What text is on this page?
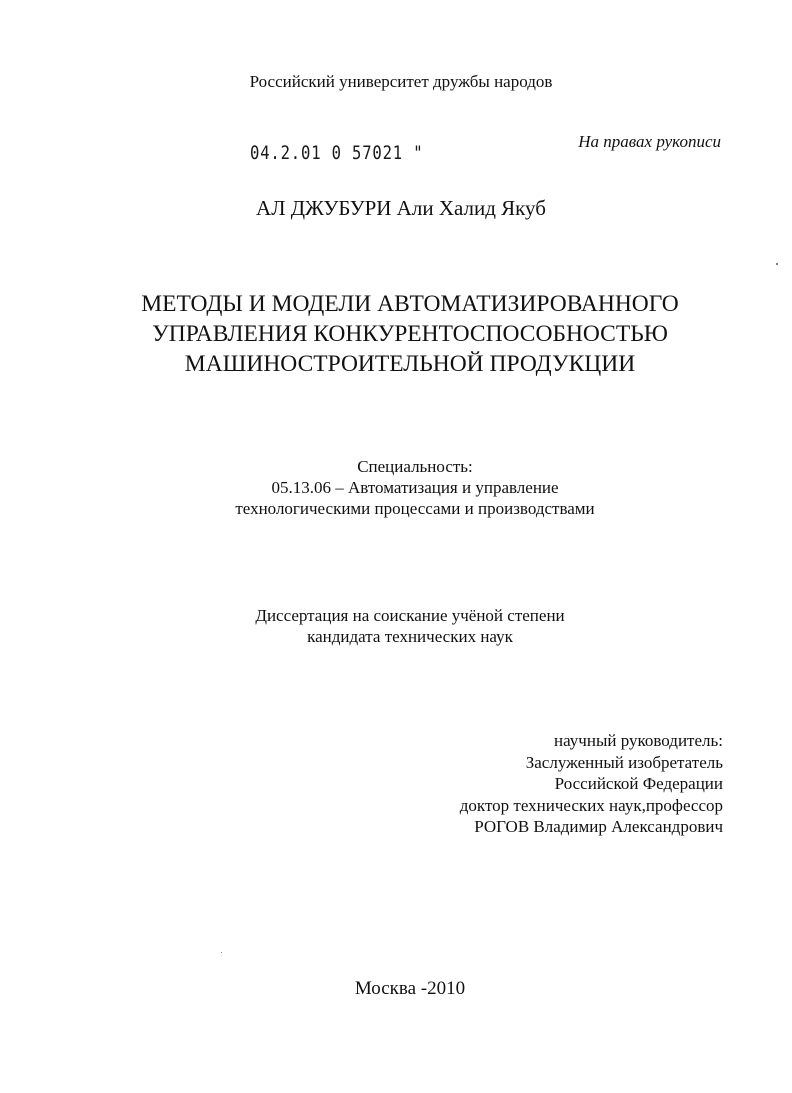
Российский университет дружбы народов
04.2.01 0 57021 "
На правах рукописи
АЛ ДЖУБУРИ Али Халид Якуб
МЕТОДЫ И МОДЕЛИ АВТОМАТИЗИРОВАННОГО
УПРАВЛЕНИЯ КОНКУРЕНТОСПОСОБНОСТЬЮ
МАШИНОСТРОИТЕЛЬНОЙ ПРОДУКЦИИ
Специальность:
05.13.06 – Автоматизация и управление
технологическими процессами и производствами
Диссертация на соискание учёной степени
кандидата технических наук
научный руководитель:
Заслуженный изобретатель
Российской Федерации
доктор технических наук,профессор
РОГОВ Владимир Александрович
Москва -2010
